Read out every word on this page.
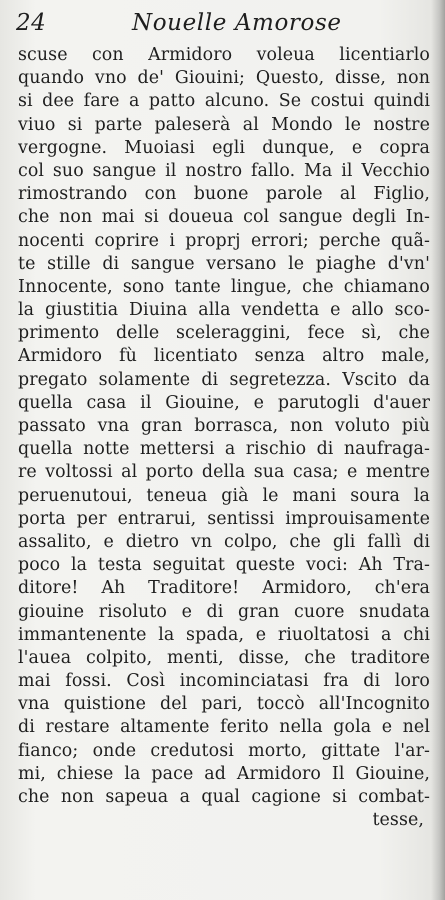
24	Nouelle Amorose
scuse con Armidoro voleua licentiarlo
quando vno de' Giouini; Questo, disse, non
si dee fare a patto alcuno. Se costui quindi
viuo si parte paleserà al Mondo le nostre
vergogne. Muoiasi egli dunque, e copra
col suo sangue il nostro fallo. Ma il Vecchio
rimostrando con buone parole al Figlio,
che non mai si doueua col sangue degli In-
nocenti coprire i proprj errori; perche quã-
te stille di sangue versano le piaghe d'vn'
Innocente, sono tante lingue, che chiamano
la giustitia Diuina alla vendetta e allo sco-
primento delle sceleraggini, fece sì, che
Armidoro fù licentiato senza altro male,
pregato solamente di segretezza. Vscito da
quella casa il Giouine, e parutogli d'auer
passato vna gran borrasca, non voluto più
quella notte mettersi a rischio di naufraga-
re voltossi al porto della sua casa; e mentre
peruenutoui, teneua già le mani soura la
porta per entrarui, sentissi improuisamente
assalito, e dietro vn colpo, che gli fallì di
poco la testa seguitat queste voci: Ah Tra-
ditore! Ah Traditore! Armidoro, ch'era
giouine risoluto e di gran cuore snudata
immantenente la spada, e riuoltatosi a chi
l'auea colpito, menti, disse, che traditore
mai fossi. Così incominciatasi fra di loro
vna quistione del pari, toccò all'Incognito
di restare altamente ferito nella gola e nel
fianco; onde credutosi morto, gittate l'ar-
mi, chiese la pace ad Armidoro Il Giouine,
che non sapeua a qual cagione si combat-
tesse,
